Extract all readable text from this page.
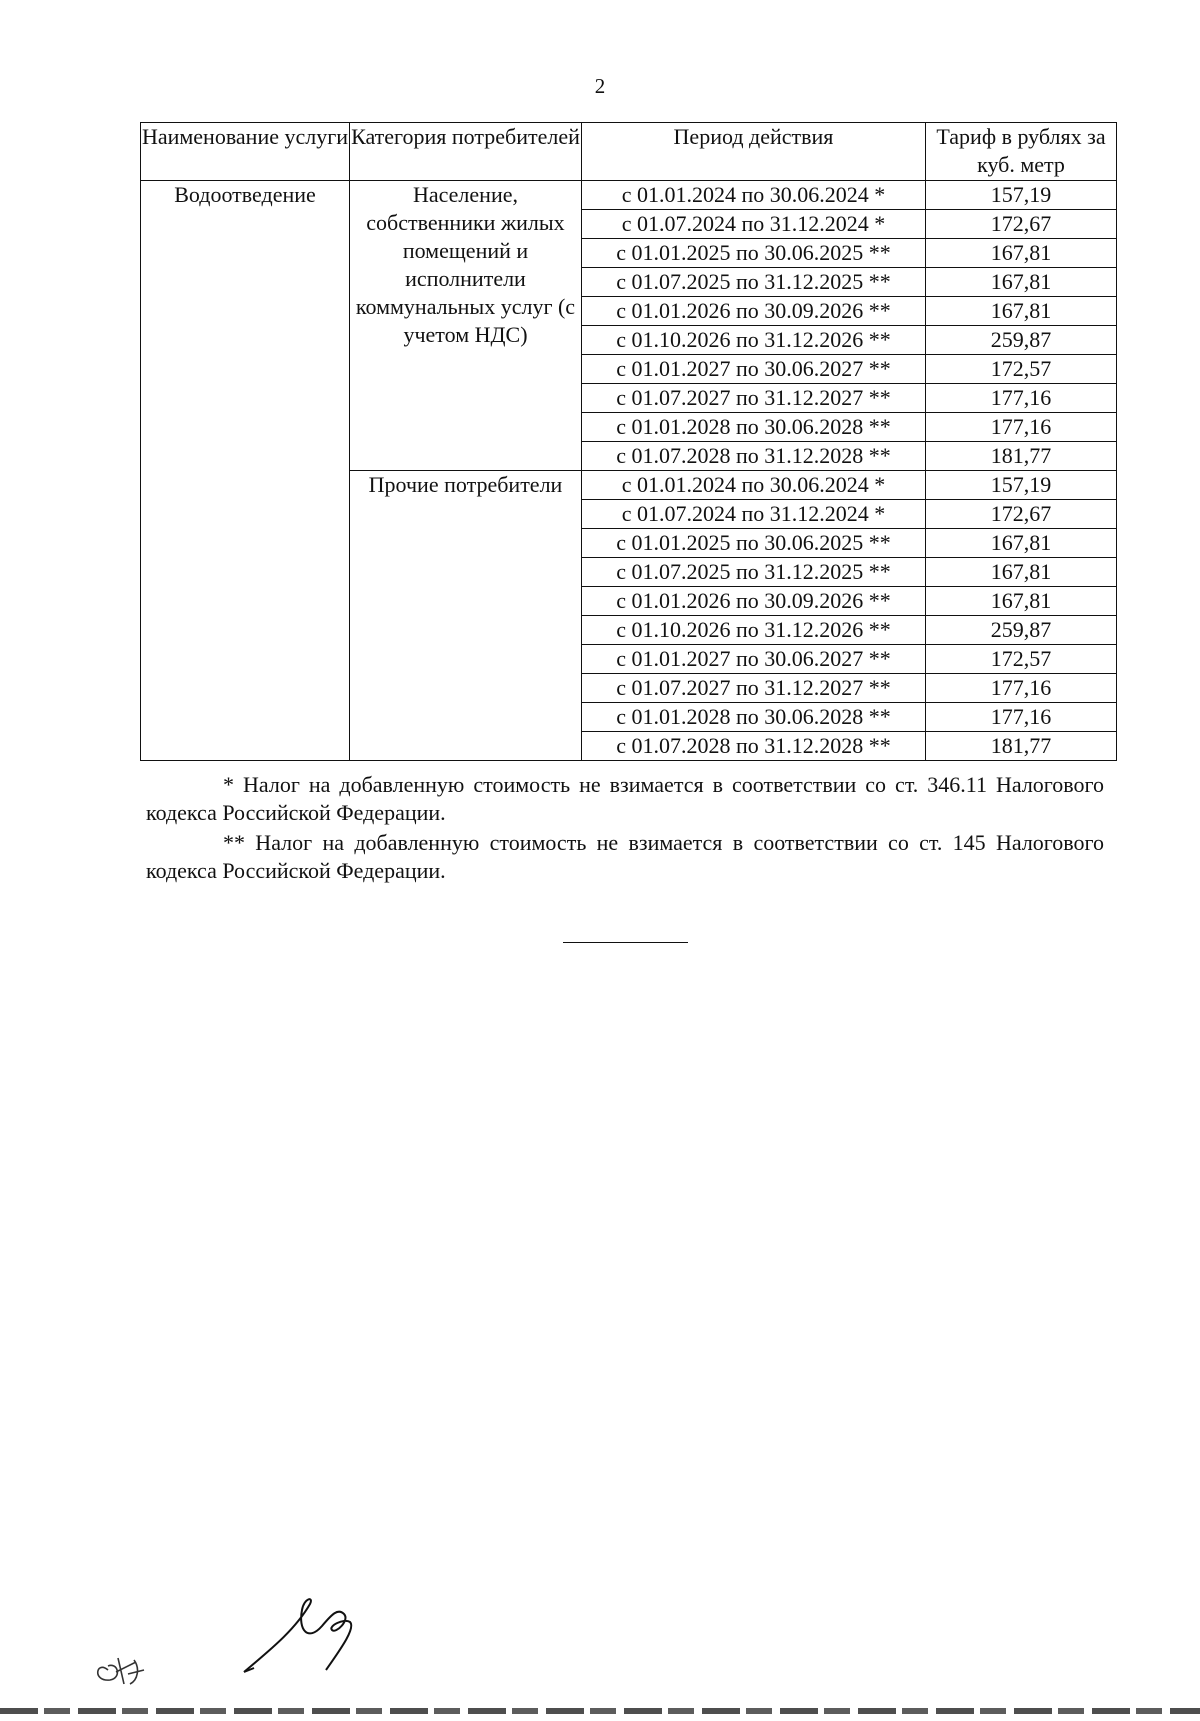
2
Наименование услуги	Категория потребителей	Период действия	Тариф в рублях за куб. метр
Водоотведение	Население, собственники жилых помещений и исполнители коммунальных услуг (с учетом НДС)	с 01.01.2024 по 30.06.2024 *	157,19
		с 01.07.2024 по 31.12.2024 *	172,67
		с 01.01.2025 по 30.06.2025 **	167,81
		с 01.07.2025 по 31.12.2025 **	167,81
		с 01.01.2026 по 30.09.2026 **	167,81
		с 01.10.2026 по 31.12.2026 **	259,87
		с 01.01.2027 по 30.06.2027 **	172,57
		с 01.07.2027 по 31.12.2027 **	177,16
		с 01.01.2028 по 30.06.2028 **	177,16
		с 01.07.2028 по 31.12.2028 **	181,77
	Прочие потребители	с 01.01.2024 по 30.06.2024 *	157,19
		с 01.07.2024 по 31.12.2024 *	172,67
		с 01.01.2025 по 30.06.2025 **	167,81
		с 01.07.2025 по 31.12.2025 **	167,81
		с 01.01.2026 по 30.09.2026 **	167,81
		с 01.10.2026 по 31.12.2026 **	259,87
		с 01.01.2027 по 30.06.2027 **	172,57
		с 01.07.2027 по 31.12.2027 **	177,16
		с 01.01.2028 по 30.06.2028 **	177,16
		с 01.07.2028 по 31.12.2028 **	181,77

* Налог на добавленную стоимость не взимается в соответствии со ст. 346.11 Налогового кодекса Российской Федерации.

** Налог на добавленную стоимость не взимается в соответствии со ст. 145 Налогового кодекса Российской Федерации.
